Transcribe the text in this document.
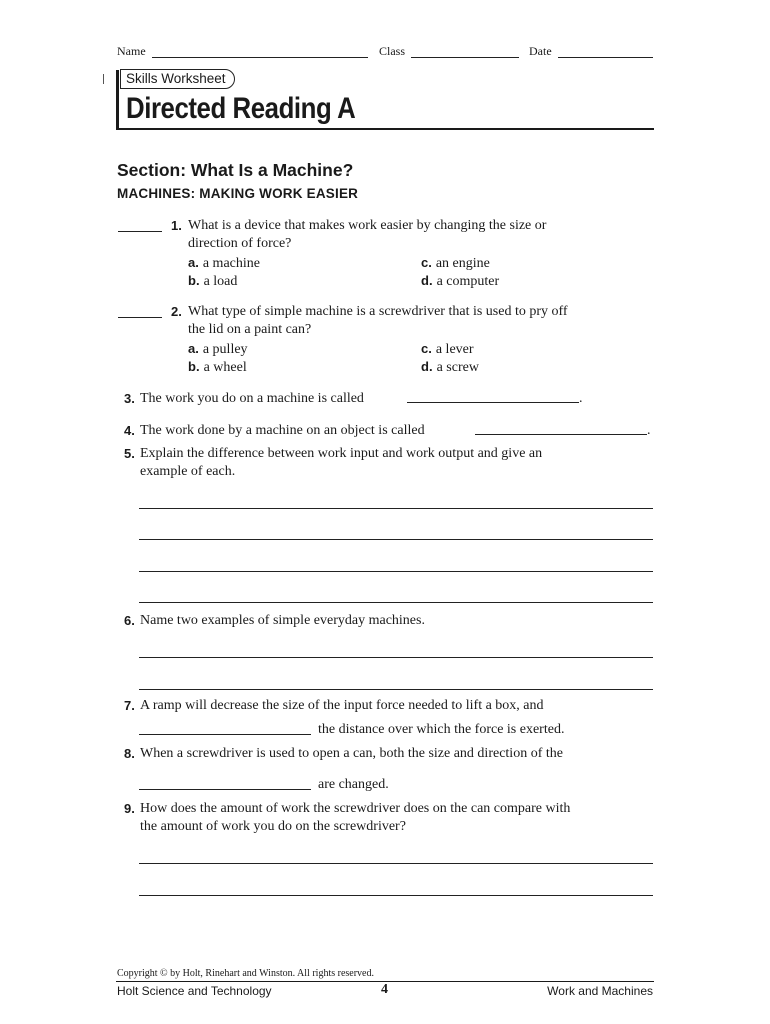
Name	Class	Date
Skills Worksheet
Directed Reading A
Section: What Is a Machine?
MACHINES: MAKING WORK EASIER
1. What is a device that makes work easier by changing the size or
direction of force?
a. a machine
b. a load
c. an engine
d. a computer
2. What type of simple machine is a screwdriver that is used to pry off
the lid on a paint can?
a. a pulley
b. a wheel
c. a lever
d. a screw
3. The work you do on a machine is called	.
4. The work done by a machine on an object is called	.
5. Explain the difference between work input and work output and give an
example of each.
6. Name two examples of simple everyday machines.
7. A ramp will decrease the size of the input force needed to lift a box, and
the distance over which the force is exerted.
8. When a screwdriver is used to open a can, both the size and direction of the
are changed.
9. How does the amount of work the screwdriver does on the can compare with
the amount of work you do on the screwdriver?
Copyright © by Holt, Rinehart and Winston. All rights reserved.
Holt Science and Technology	4	Work and Machines
